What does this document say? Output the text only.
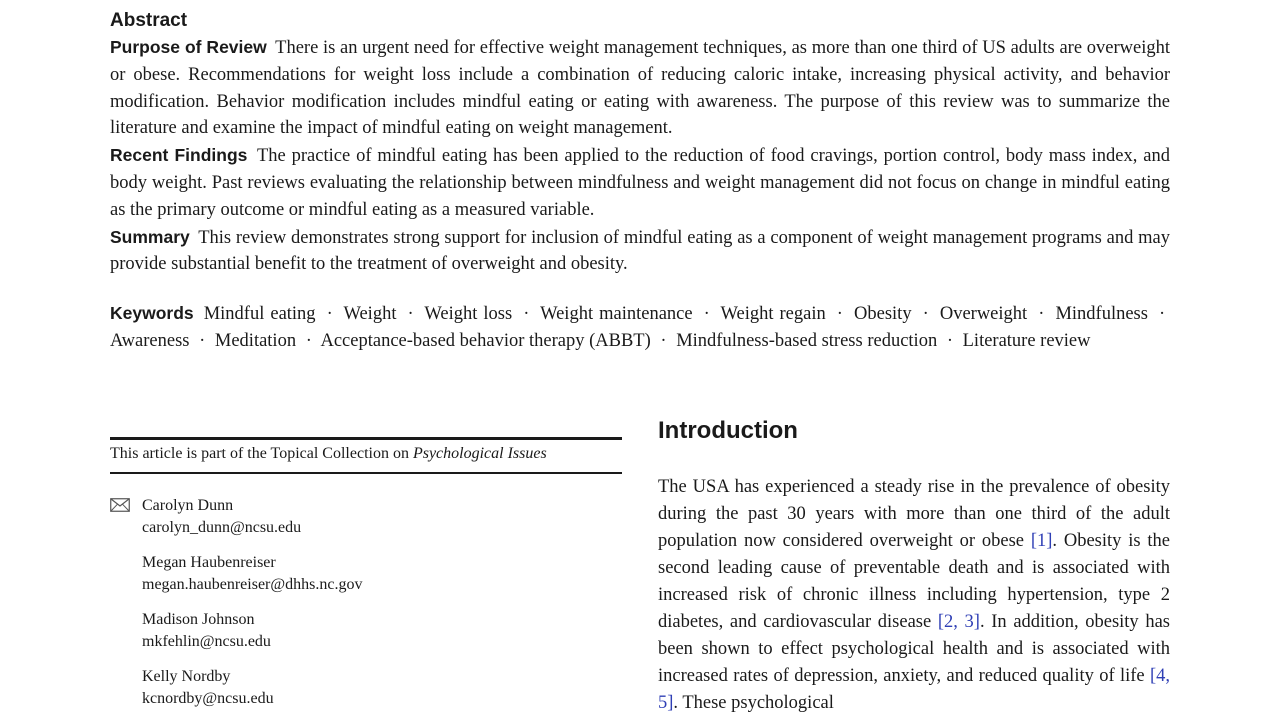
Abstract
Purpose of Review There is an urgent need for effective weight management techniques, as more than one third of US adults are overweight or obese. Recommendations for weight loss include a combination of reducing caloric intake, increasing physical activity, and behavior modification. Behavior modification includes mindful eating or eating with awareness. The purpose of this review was to summarize the literature and examine the impact of mindful eating on weight management.
Recent Findings The practice of mindful eating has been applied to the reduction of food cravings, portion control, body mass index, and body weight. Past reviews evaluating the relationship between mindfulness and weight management did not focus on change in mindful eating as the primary outcome or mindful eating as a measured variable.
Summary This review demonstrates strong support for inclusion of mindful eating as a component of weight management programs and may provide substantial benefit to the treatment of overweight and obesity.
Keywords Mindful eating · Weight · Weight loss · Weight maintenance · Weight regain · Obesity · Overweight · Mindfulness · Awareness · Meditation · Acceptance-based behavior therapy (ABBT) · Mindfulness-based stress reduction · Literature review
This article is part of the Topical Collection on Psychological Issues
Carolyn Dunn
carolyn_dunn@ncsu.edu
Megan Haubenreiser
megan.haubenreiser@dhhs.nc.gov
Madison Johnson
mkfehlin@ncsu.edu
Kelly Nordby
kcnordby@ncsu.edu
Introduction
The USA has experienced a steady rise in the prevalence of obesity during the past 30 years with more than one third of the adult population now considered overweight or obese [1]. Obesity is the second leading cause of preventable death and is associated with increased risk of chronic illness including hypertension, type 2 diabetes, and cardiovascular disease [2, 3]. In addition, obesity has been shown to effect psychological health and is associated with increased rates of depression, anxiety, and reduced quality of life [4, 5]. These psychological
